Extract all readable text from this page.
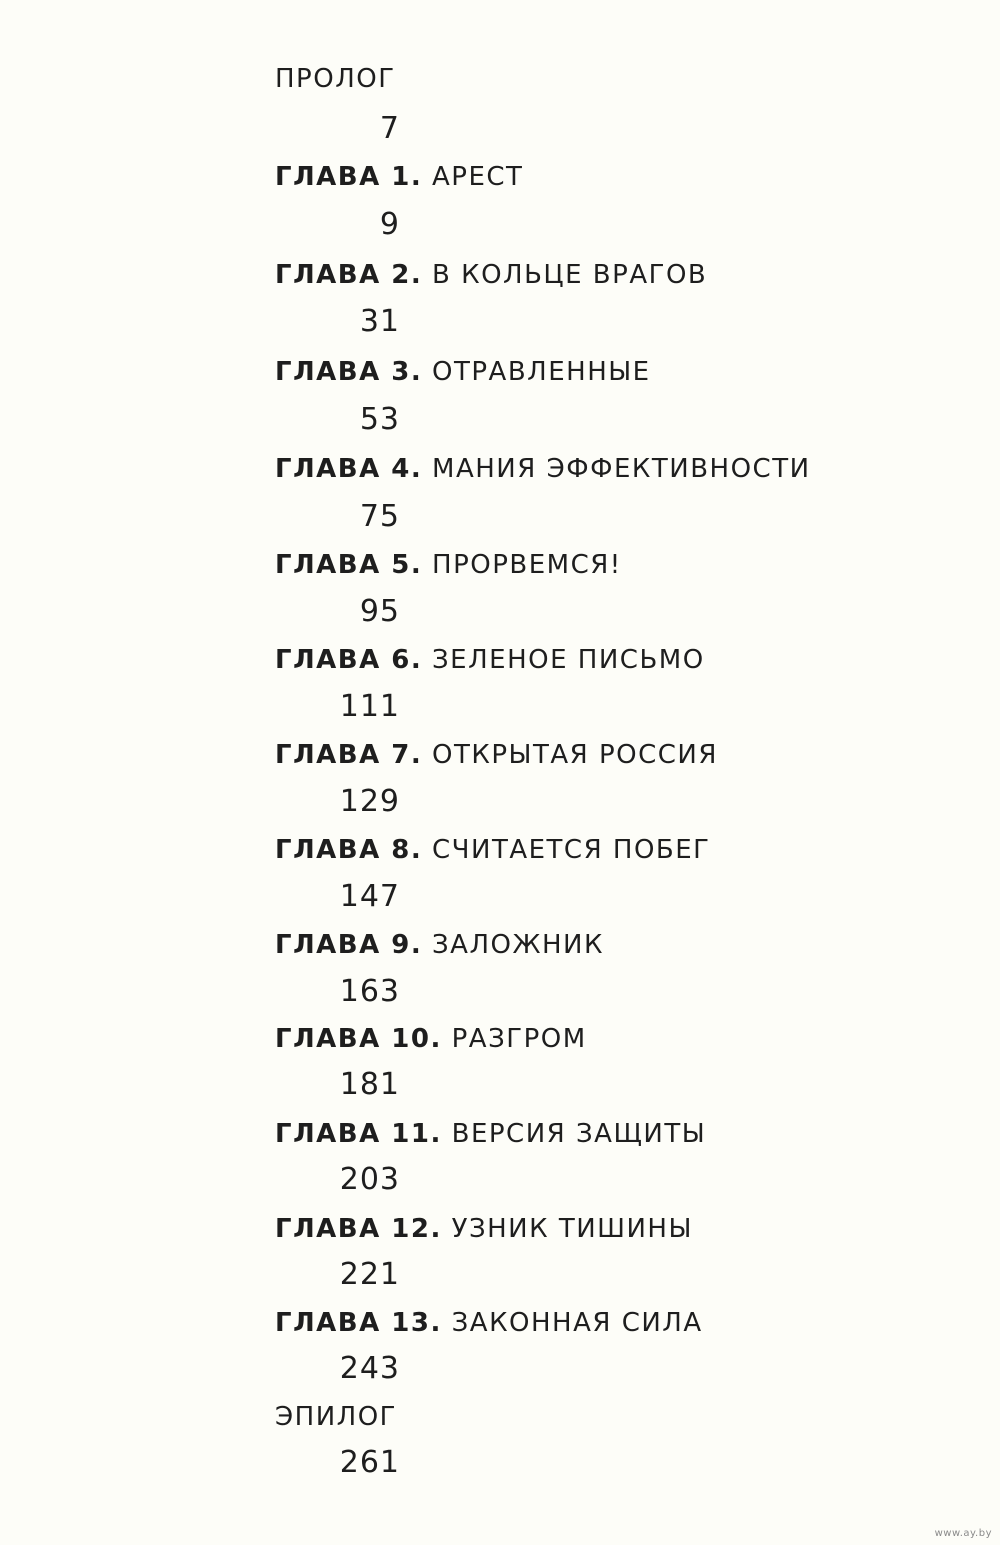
ПРОЛОГ
7
ГЛАВА 1. АРЕСТ
9
ГЛАВА 2. В КОЛЬЦЕ ВРАГОВ
31
ГЛАВА 3. ОТРАВЛЕННЫЕ
53
ГЛАВА 4. МАНИЯ ЭФФЕКТИВНОСТИ
75
ГЛАВА 5. ПРОРВЕМСЯ!
95
ГЛАВА 6. ЗЕЛЕНОЕ ПИСЬМО
111
ГЛАВА 7. ОТКРЫТАЯ РОССИЯ
129
ГЛАВА 8. СЧИТАЕТСЯ ПОБЕГ
147
ГЛАВА 9. ЗАЛОЖНИК
163
ГЛАВА 10. РАЗГРОМ
181
ГЛАВА 11. ВЕРСИЯ ЗАЩИТЫ
203
ГЛАВА 12. УЗНИК ТИШИНЫ
221
ГЛАВА 13. ЗАКОННАЯ СИЛА
243
ЭПИЛОГ
261
www.ay.by
